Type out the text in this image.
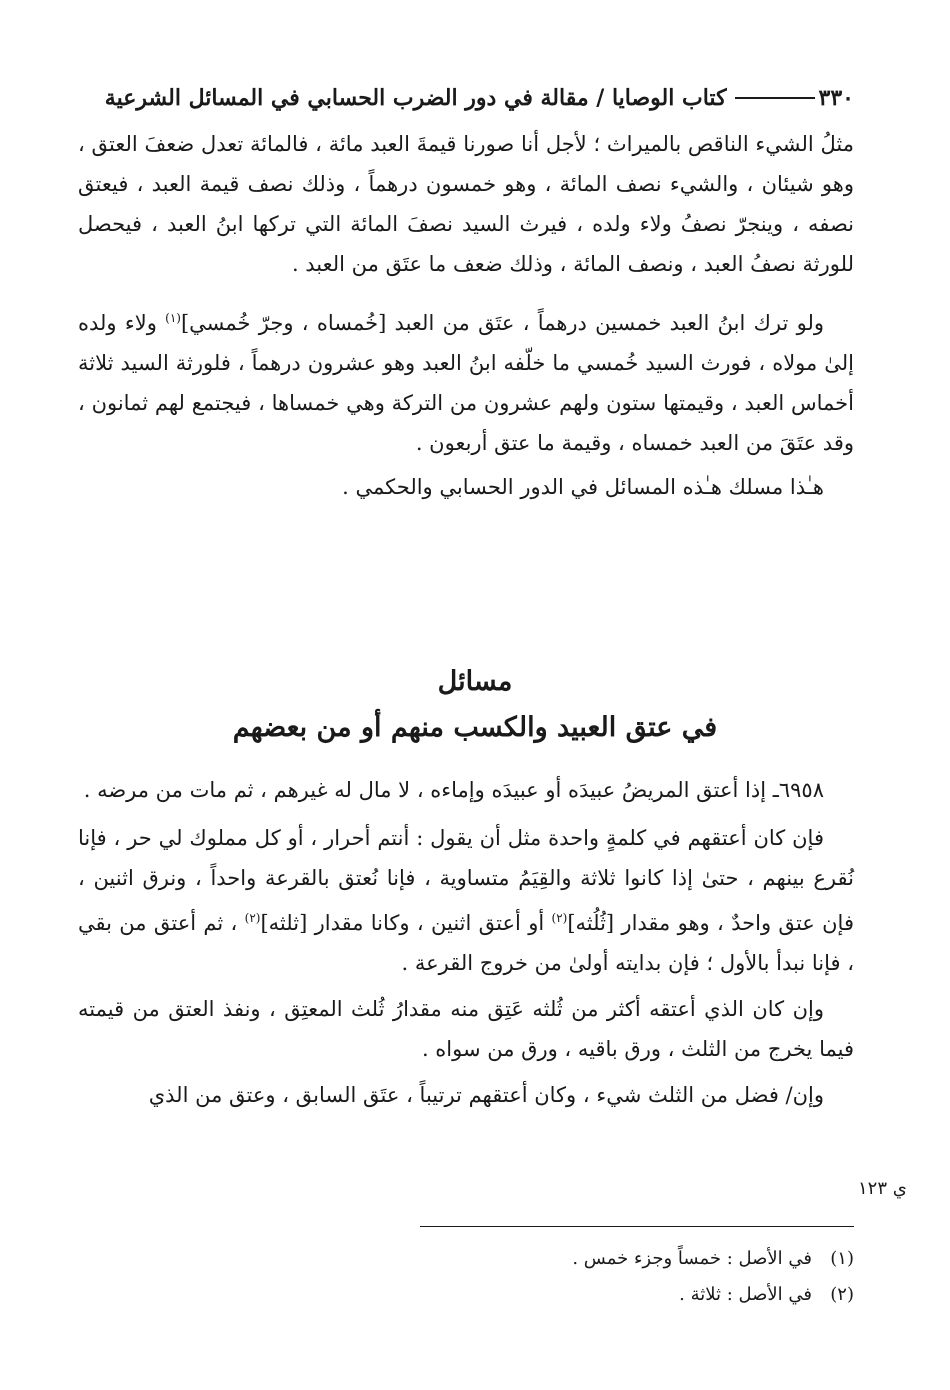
٣٣٠
كتاب الوصايا / مقالة في دور الضرب الحسابي في المسائل الشرعية

مثلُ الشيء الناقص بالميراث ؛ لأجل أنا صورنا قيمةَ العبد مائة ، فالمائة تعدل ضعفَ العتق ، وهو شيئان ، والشيء نصف المائة ، وهو خمسون درهماً ، وذلك نصف قيمة العبد ، فيعتق نصفه ، وينجرّ نصفُ ولاء ولده ، فيرث السيد نصفَ المائة التي تركها ابنُ العبد ، فيحصل للورثة نصفُ العبد ، ونصف المائة ، وذلك ضعف ما عتَق من العبد .

ولو ترك ابنُ العبد خمسين درهماً ، عتَق من العبد [خُمساه ، وجرّ خُمسي]$^{(١)}$ ولاء ولده إلىٰ مولاه ، فورث السيد خُمسي ما خلّفه ابنُ العبد وهو عشرون درهماً ، فلورثة السيد ثلاثة أخماس العبد ، وقيمتها ستون ولهم عشرون من التركة وهي خمساها ، فيجتمع لهم ثمانون ، وقد عتَقَ من العبد خمساه ، وقيمة ما عتق أربعون .

هـٰذا مسلك هـٰذه المسائل في الدور الحسابي والحكمي .

مسائل
في عتق العبيد والكسب منهم أو من بعضهم

٦٩٥٨ـ إذا أعتق المريضُ عبيدَه أو عبيدَه وإماءه ، لا مال له غيرهم ، ثم مات من مرضه .

فإن كان أعتقهم في كلمةٍ واحدة مثل أن يقول : أنتم أحرار ، أو كل مملوك لي حر ، فإنا نُقرع بينهم ، حتىٰ إذا كانوا ثلاثة والقِيَمُ متساوية ، فإنا نُعتق بالقرعة واحداً ، ونرق اثنين ، فإن عتق واحدٌ ، وهو مقدار [ثُلُثه]$^{(٢)}$ أو أعتق اثنين ، وكانا مقدار [ثلثه]$^{(٢)}$ ، ثم أعتق من بقي ، فإنا نبدأ بالأول ؛ فإن بدايته أولىٰ من خروج القرعة .

وإن كان الذي أعتقه أكثر من ثُلثه عَتِق منه مقدارُ ثُلث المعتِق ، ونفذ العتق من قيمته فيما يخرج من الثلث ، ورق باقيه ، ورق من سواه .

وإن/ فضل من الثلث شيء ، وكان أعتقهم ترتيباً ، عتَق السابق ، وعتق من الذي

ي ١٢٣
(١)في الأصل : خمساً وجزء خمس .
(٢)في الأصل : ثلاثة .
